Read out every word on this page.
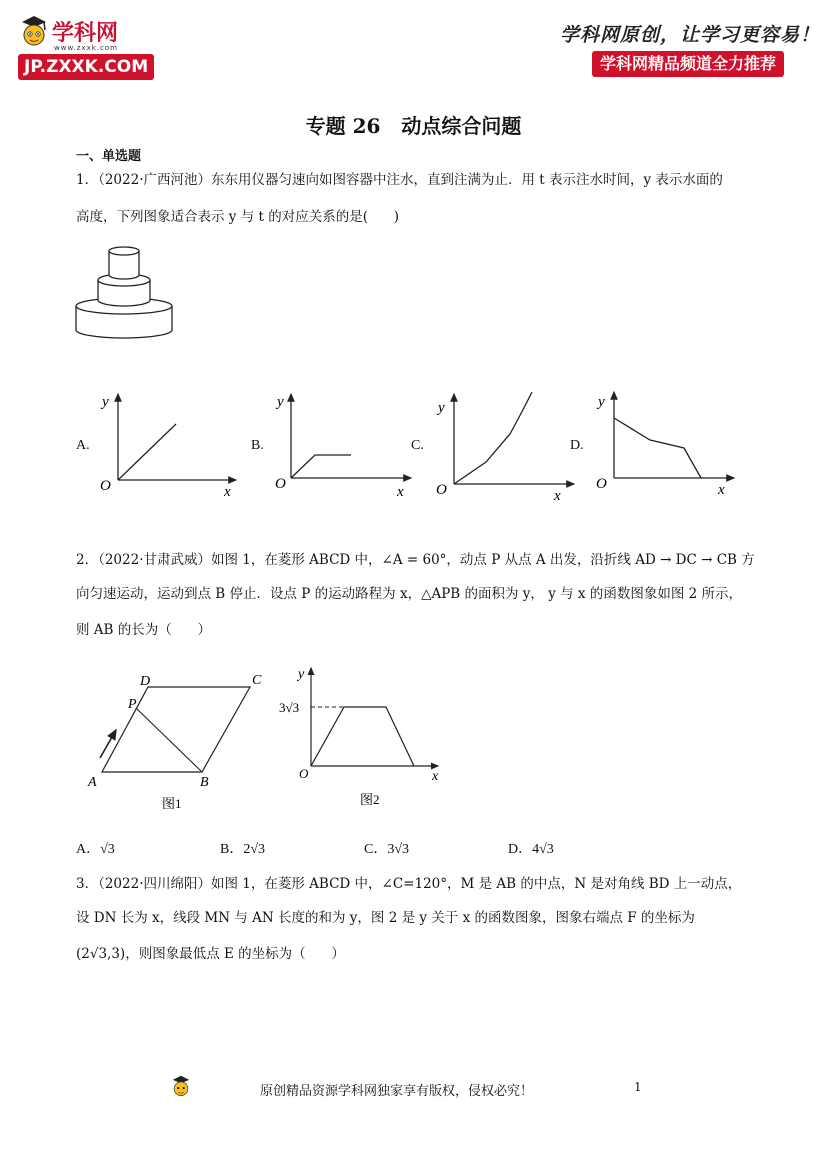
学科网
www.zxxk.com
JP.ZXXK.COM
学科网原创，让学习更容易！
学科网精品频道全力推荐
专题 26   动点综合问题
一、单选题
1．（2022·广西河池）东东用仪器匀速向如图容器中注水，直到注满为止．用 t 表示注水时间，y 表示水面的
高度，下列图象适合表示 y 与 t 的对应关系的是(      )
A.
y
O	x
B.
y
O	x
C.
y
O	x
D.
y
O	x
2．（2022·甘肃武威）如图 1，在菱形 ABCD 中，∠A = 60°，动点 P 从点 A 出发，沿折线 AD → DC → CB 方
向匀速运动，运动到点 B 停止．设点 P 的运动路程为 x，△APB 的面积为 y， y 与 x 的函数图象如图 2 所示，
则 AB 的长为（      ）
A	B
C
D
P
图1
y
x
O
3√3
图2
A．√3	B．2√3	C．3√3	D．4√3
3．（2022·四川绵阳）如图 1，在菱形 ABCD 中，∠C=120°，M 是 AB 的中点，N 是对角线 BD 上一动点，
设 DN 长为 x，线段 MN 与 AN 长度的和为 y，图 2 是 y 关于 x 的函数图象，图象右端点 F 的坐标为
(2√3,3)，则图象最低点 E 的坐标为（      ）
原创精品资源学科网独家享有版权，侵权必究！	1
